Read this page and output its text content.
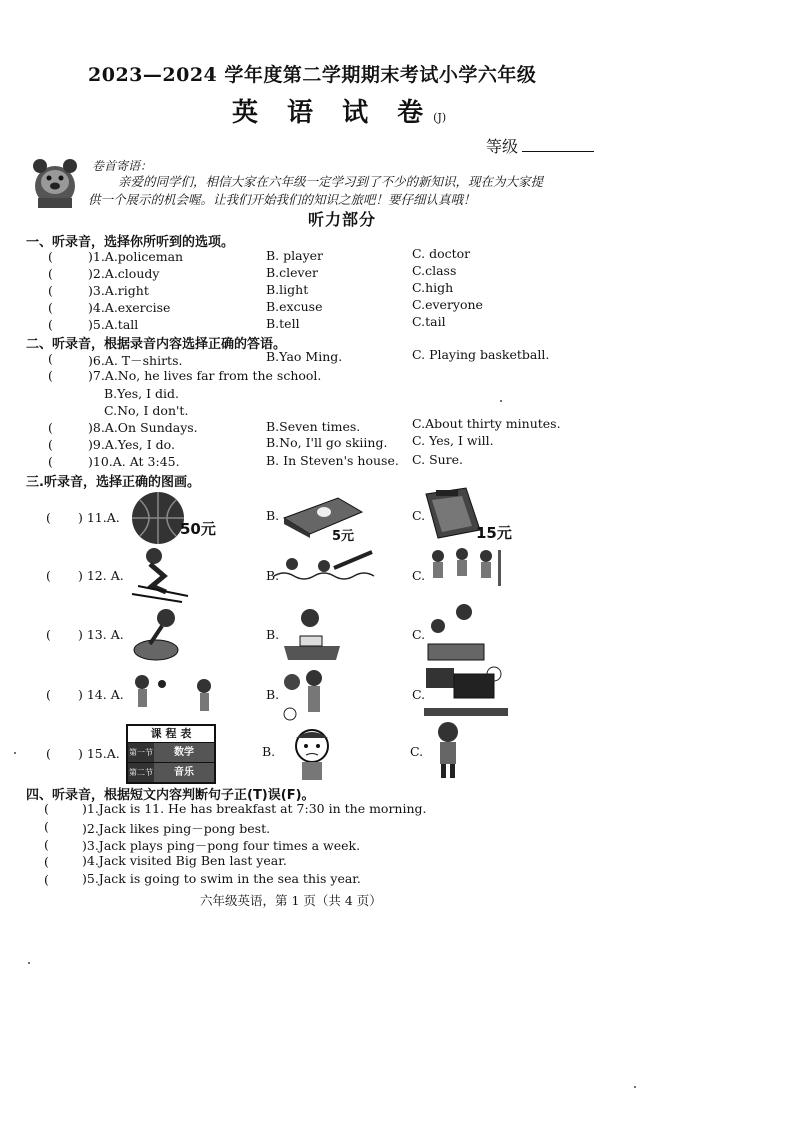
2023—2024 学年度第二学期期末考试小学六年级
英 语 试 卷(J)
等级
卷首寄语：
亲爱的同学们，相信大家在六年级一定学习到了不少的新知识，现在为大家提
供一个展示的机会喔。让我们开始我们的知识之旅吧！要仔细认真哦！
听力部分
一、听录音，选择你所听到的选项。
(	)1.A.policeman	B. player	C. doctor
(	)2.A.cloudy	B.clever	C.class
(	)3.A.right	B.light	C.high
(	)4.A.exercise	B.excuse	C.everyone
(	)5.A.tall	B.tell	C.tail
二、听录音，根据录音内容选择正确的答语。
(	)6.A. T－shirts.	B.Yao Ming.	C. Playing basketball.
(	)7.A.No, he lives far from the school.
B.Yes, I did.
C.No, I don't.
(	)8.A.On Sundays.	B.Seven times.	C.About thirty minutes.
(	)9.A.Yes, I do.	B.No, I'll go skiing. C. Yes, I will.
(	)10.A. At 3:45.	B. In Steven's house. C. Sure.
三.听录音，选择正确的图画。
( ) 11.A.
50元
B.
5元
C.
15元
( ) 12. A.	B.	C.
( ) 13. A.	B.	C.
( ) 14. A.	B.	C.
( ) 15.A.
课 程 表
第一节	数学
第二节	音乐
B.	C.
四、听录音，根据短文内容判断句子正(T)误(F)。
(	)1.Jack is 11. He has breakfast at 7:30 in the morning.
(	)2.Jack likes ping－pong best.
(	)3.Jack plays ping－pong four times a week.
(	)4.Jack visited Big Ben last year.
(	)5.Jack is going to swim in the sea this year.
六年级英语，第 1 页（共 4 页）
